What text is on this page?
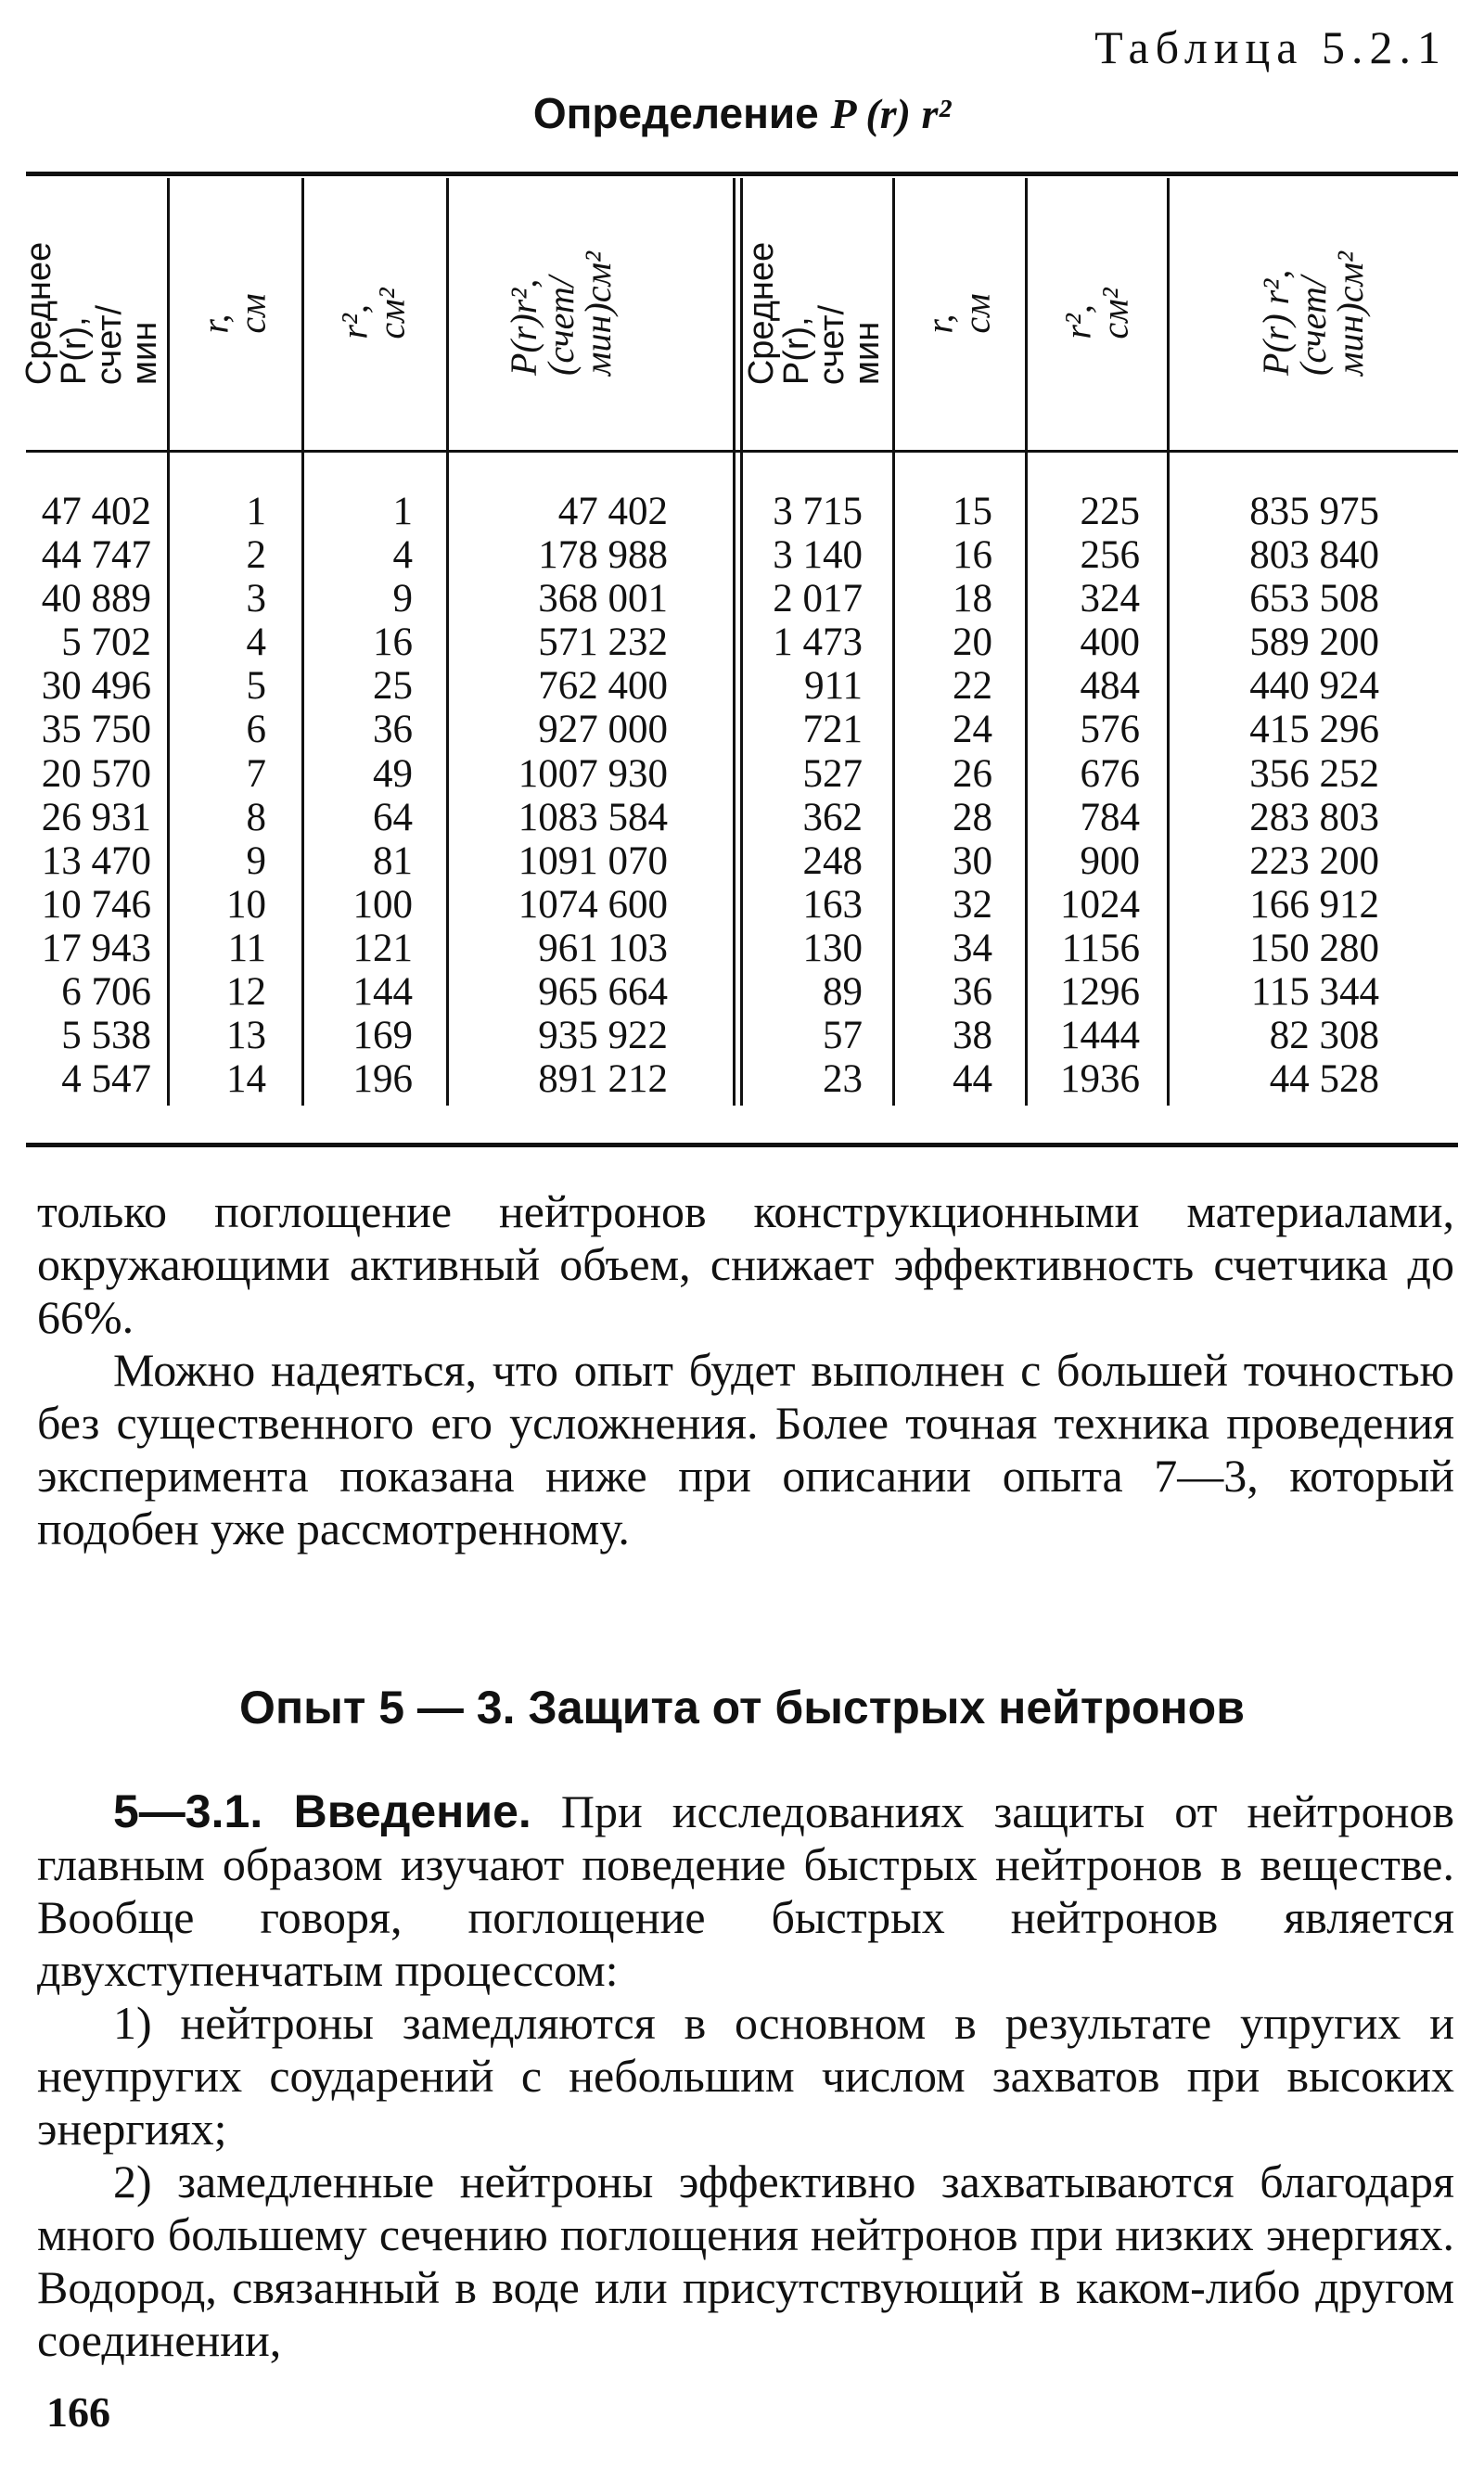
Таблица 5.2.1
Определение P (r) r²
Среднее P(r),
счет/мин r, см r², см² P(r)r²,
(счет/мин)см²	Среднее P(r),
счет/мин r, см r², см²
P(r) r²,
(счет/мин)см²
47 402
44 747
40 889
5 702
30 496
35 750
20 570
26 931
13 470
10 746
17 943
6 706
5 538
4 547
1
2
3
4
5
6
7
8
9
10
11
12
13
14
1
4
9
16
25
36
49
64
81
100
121
144
169
196
47 402
178 988
368 001
571 232
762 400
927 000
1007 930
1083 584
1091 070
1074 600
961 103
965 664
935 922
891 212
3 715
3 140
2 017
1 473
911
721
527
362
248
163
130
89
57
23
15
16
18
20
22
24
26
28
30
32
34
36
38
44
225
256
324
400
484
576
676
784
900
1024
1156
1296
1444
1936
835 975
803 840
653 508
589 200
440 924
415 296
356 252
283 803
223 200
166 912
150 280
115 344
82 308
44 528
только поглощение нейтронов конструкционными материалами, окружающими активный объем, снижает эффективность счетчика до 66%.
Можно надеяться, что опыт будет выполнен с большей точностью без существенного его усложнения. Более точная техника проведения эксперимента показана ниже при описании опыта 7—3, который подобен уже рассмотренному.
Опыт 5 — 3. Защита от быстрых нейтронов
5—3.1. Введение. При исследованиях защиты от нейтронов главным образом изучают поведение быстрых нейтронов в веществе. Вообще говоря, поглощение быстрых нейтронов является двухступенчатым процессом:
1) нейтроны замедляются в основном в результате упругих и неупругих соударений с небольшим числом захватов при высоких энергиях;
2) замедленные нейтроны эффективно захватываются благодаря много большему сечению поглощения нейтронов при низких энергиях. Водород, связанный в воде или присутствующий в каком-либо другом соединении,
166
